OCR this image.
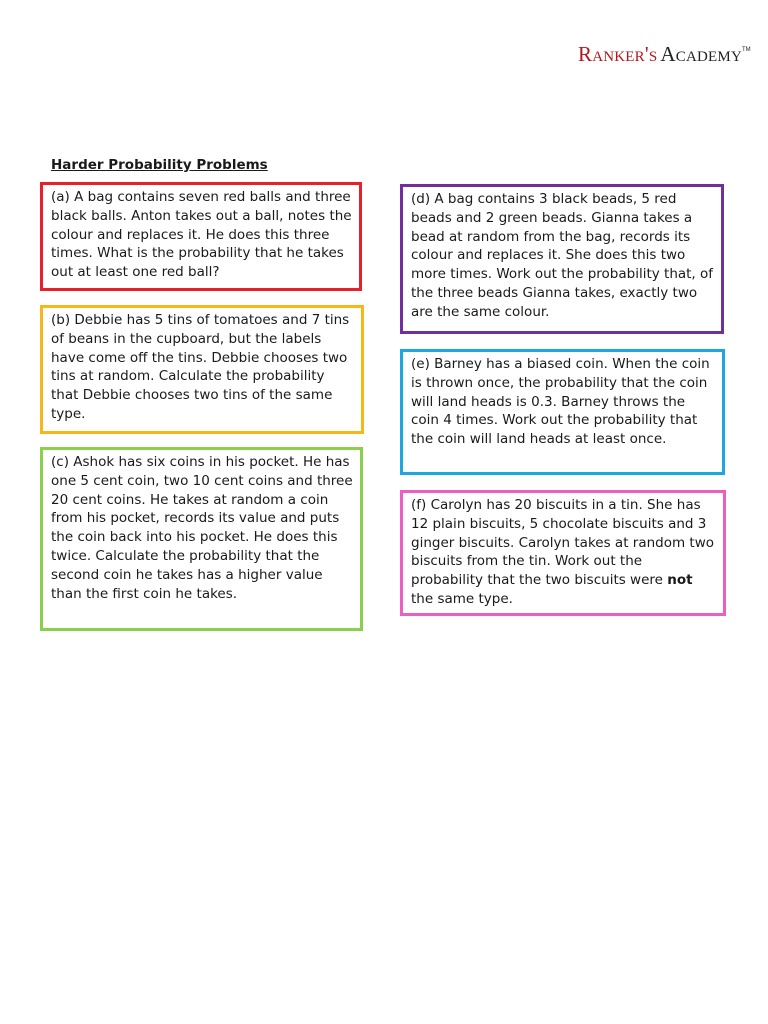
Ranker's Academy™
Harder Probability Problems

(a) A bag contains seven red balls and three black balls. Anton takes out a ball, notes the colour and replaces it. He does this three times. What is the probability that he takes out at least one red ball?

(b) Debbie has 5 tins of tomatoes and 7 tins of beans in the cupboard, but the labels have come off the tins. Debbie chooses two tins at random. Calculate the probability that Debbie chooses two tins of the same type.

(c) Ashok has six coins in his pocket. He has one 5 cent coin, two 10 cent coins and three 20 cent coins. He takes at random a coin from his pocket, records its value and puts the coin back into his pocket. He does this twice. Calculate the probability that the second coin he takes has a higher value than the first coin he takes.

(d) A bag contains 3 black beads, 5 red beads and 2 green beads. Gianna takes a bead at random from the bag, records its colour and replaces it. She does this two more times. Work out the probability that, of the three beads Gianna takes, exactly two are the same colour.

(e) Barney has a biased coin. When the coin is thrown once, the probability that the coin will land heads is 0.3. Barney throws the coin 4 times. Work out the probability that the coin will land heads at least once.

(f) Carolyn has 20 biscuits in a tin. She has 12 plain biscuits, 5 chocolate biscuits and 3 ginger biscuits. Carolyn takes at random two biscuits from the tin. Work out the probability that the two biscuits were not the same type.
